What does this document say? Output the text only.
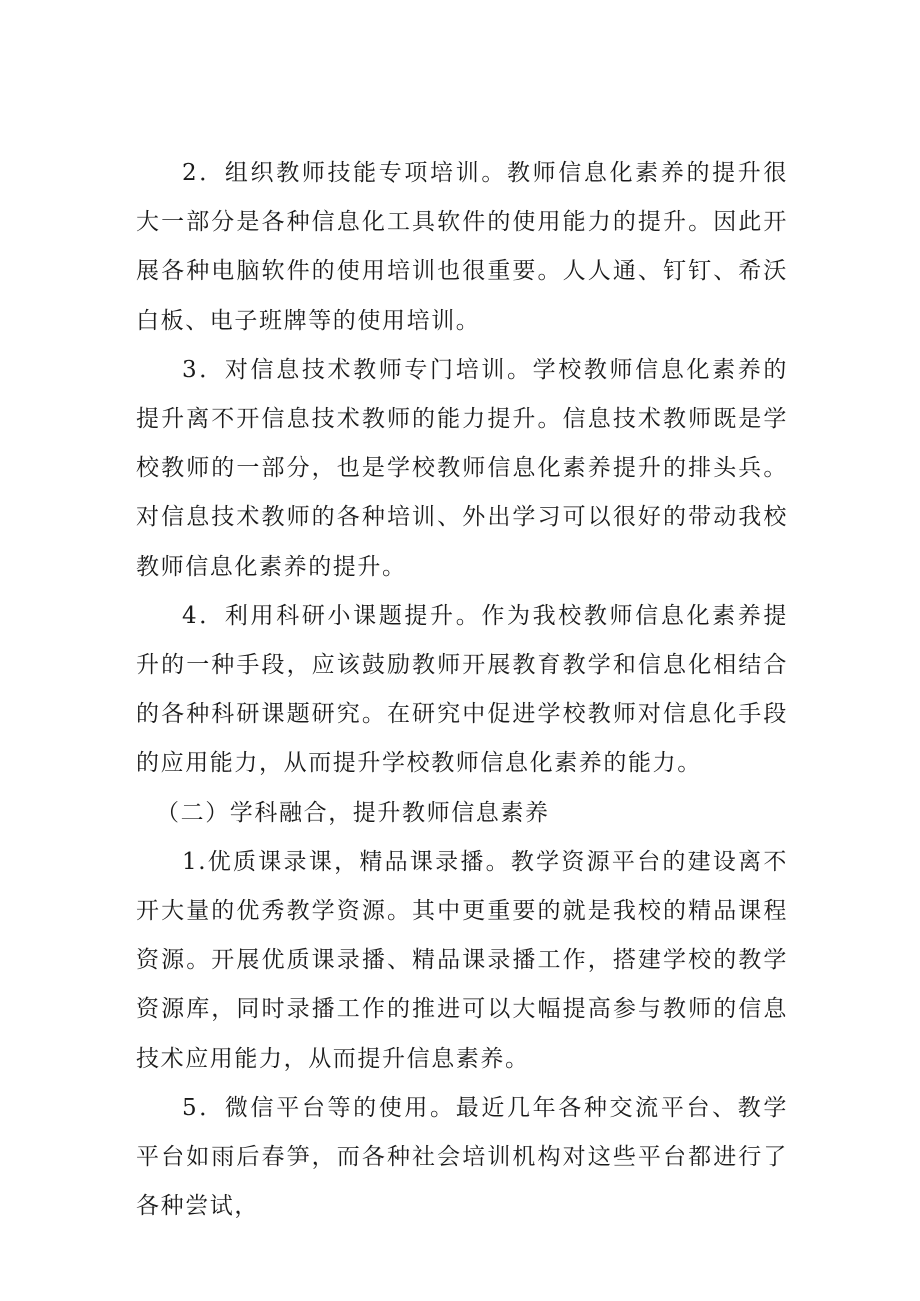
2．组织教师技能专项培训。教师信息化素养的提升很大一部分是各种信息化工具软件的使用能力的提升。因此开展各种电脑软件的使用培训也很重要。人人通、钉钉、希沃白板、电子班牌等的使用培训。

3．对信息技术教师专门培训。学校教师信息化素养的提升离不开信息技术教师的能力提升。信息技术教师既是学校教师的一部分，也是学校教师信息化素养提升的排头兵。对信息技术教师的各种培训、外出学习可以很好的带动我校教师信息化素养的提升。

4．利用科研小课题提升。作为我校教师信息化素养提升的一种手段，应该鼓励教师开展教育教学和信息化相结合的各种科研课题研究。在研究中促进学校教师对信息化手段的应用能力，从而提升学校教师信息化素养的能力。

（二）学科融合，提升教师信息素养

1.优质课录课，精品课录播。教学资源平台的建设离不开大量的优秀教学资源。其中更重要的就是我校的精品课程资源。开展优质课录播、精品课录播工作，搭建学校的教学资源库，同时录播工作的推进可以大幅提高参与教师的信息技术应用能力，从而提升信息素养。

5．微信平台等的使用。最近几年各种交流平台、教学平台如雨后春笋，而各种社会培训机构对这些平台都进行了各种尝试，
